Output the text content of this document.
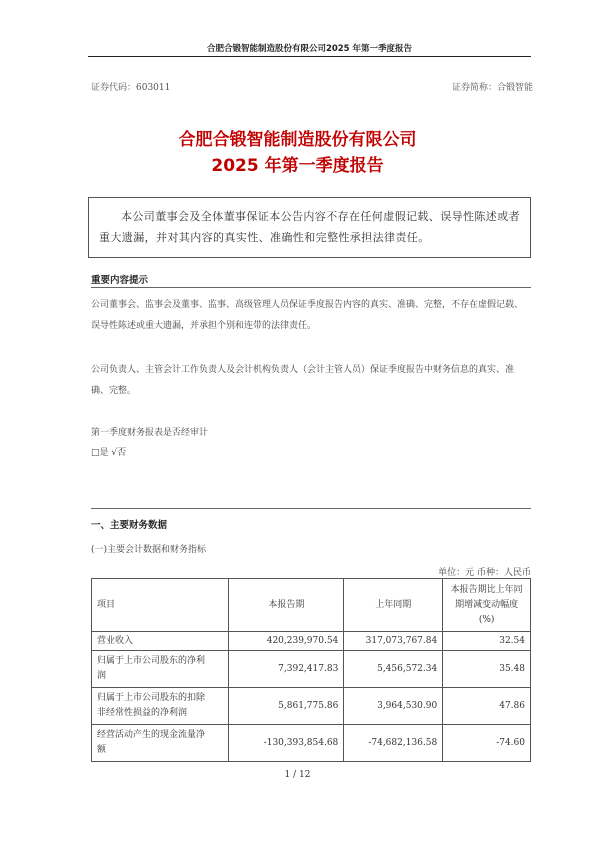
合肥合锻智能制造股份有限公司2025 年第一季度报告
证券代码：603011	证券简称：合锻智能
合肥合锻智能制造股份有限公司
2025 年第一季度报告
本公司董事会及全体董事保证本公告内容不存在任何虚假记载、误导性陈述或者重大遗漏，并对其内容的真实性、准确性和完整性承担法律责任。
重要内容提示
公司董事会、监事会及董事、监事、高级管理人员保证季度报告内容的真实、准确、完整，不存在虚假记载、误导性陈述或重大遗漏，并承担个别和连带的法律责任。
公司负责人、主管会计工作负责人及会计机构负责人（会计主管人员）保证季度报告中财务信息的真实、准确、完整。
第一季度财务报表是否经审计
□是 √否
一、主要财务数据
(一)主要会计数据和财务指标
单位：元 币种：人民币
项目	本报告期	上年同期	本报告期比上年同
期增减变动幅度
(%)

营业收入	420,239,970.54	317,073,767.84	32.54

归属于上市公司股东的净利
润	7,392,417.83	5,456,572.34	35.48

归属于上市公司股东的扣除
非经常性损益的净利润	5,861,775.86	3,964,530.90	47.86

经营活动产生的现金流量净
额	-130,393,854.68	-74,682,136.58	-74.60
1 / 12
